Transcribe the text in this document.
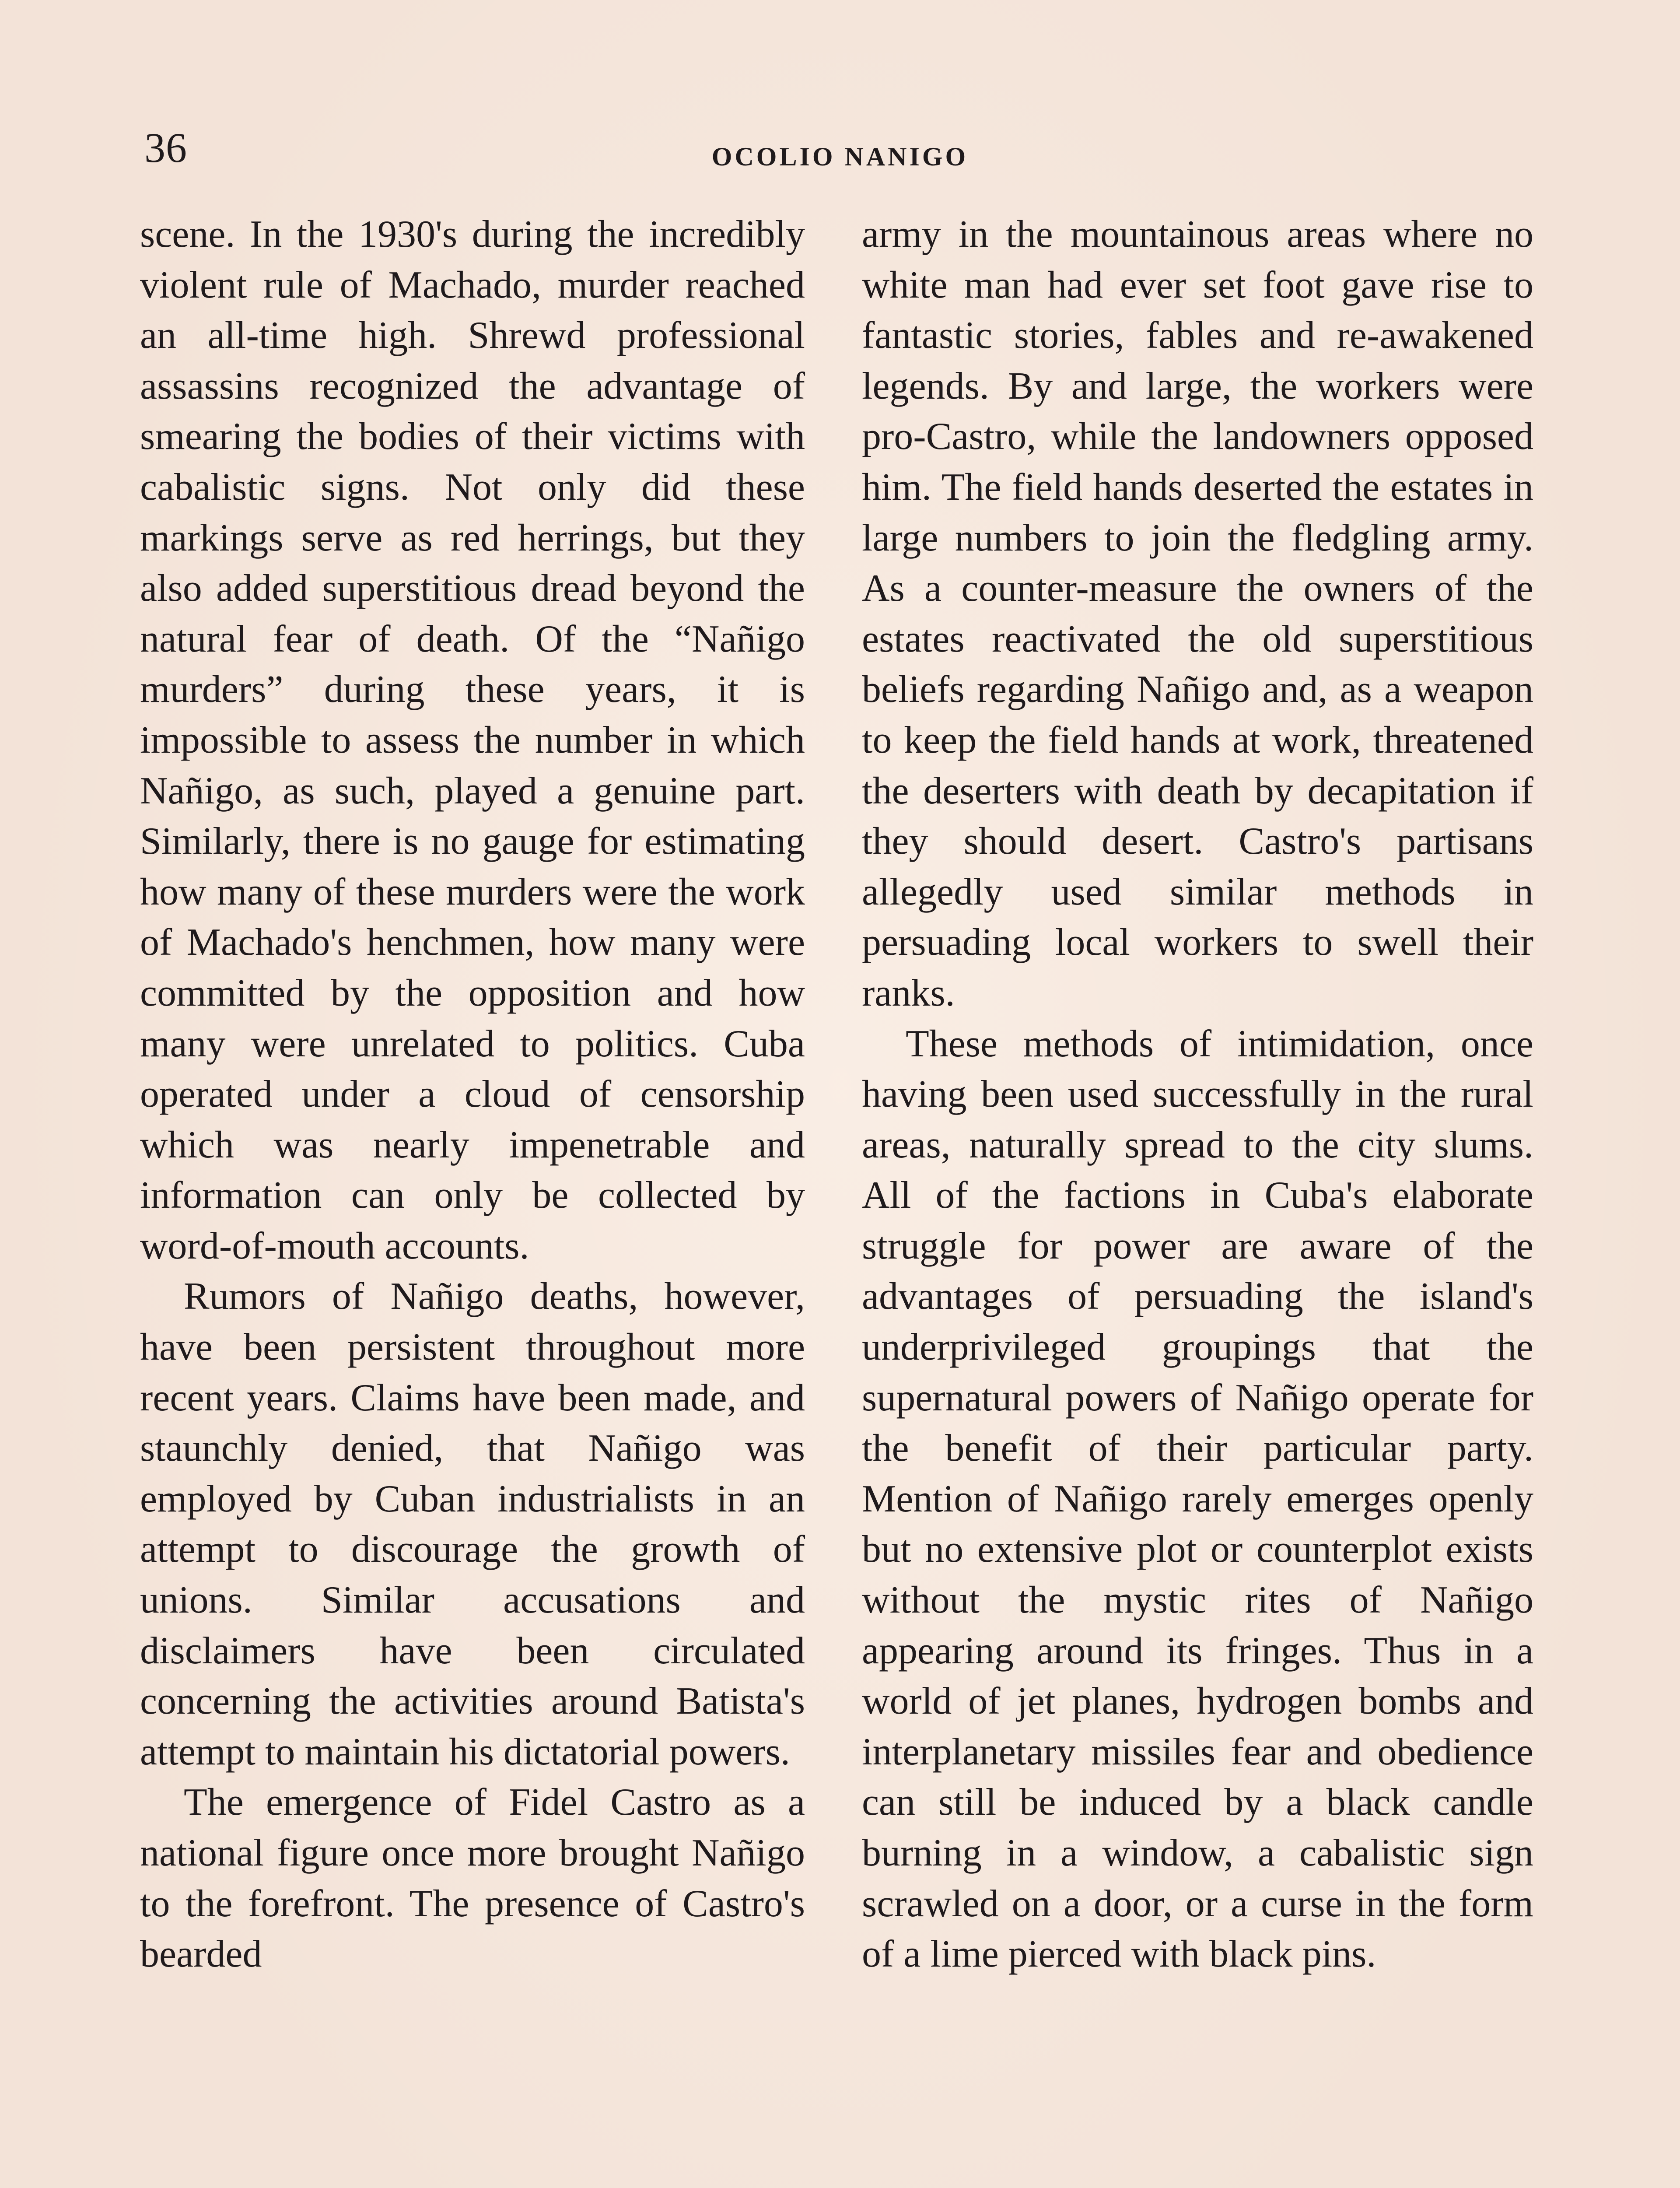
36	OCOLIO NANIGO

scene. In the 1930's during the incredibly violent rule of Machado, murder reached an all-time high. Shrewd professional assassins recognized the advantage of smearing the bodies of their victims with cabalistic signs. Not only did these markings serve as red herrings, but they also added superstitious dread beyond the natural fear of death. Of the “Nañigo murders” during these years, it is impossible to assess the number in which Nañigo, as such, played a genuine part. Similarly, there is no gauge for estimating how many of these murders were the work of Machado's henchmen, how many were committed by the opposition and how many were unrelated to politics. Cuba operated under a cloud of censorship which was nearly impenetrable and information can only be collected by word-of-mouth accounts.

Rumors of Nañigo deaths, however, have been persistent throughout more recent years. Claims have been made, and staunchly denied, that Nañigo was employed by Cuban industrialists in an attempt to discourage the growth of unions. Similar accusations and disclaimers have been circulated concerning the activities around Batista's attempt to maintain his dictatorial powers.

The emergence of Fidel Castro as a national figure once more brought Nañigo to the forefront. The presence of Castro's bearded

army in the mountainous areas where no white man had ever set foot gave rise to fantastic stories, fables and re-awakened legends. By and large, the workers were pro-Castro, while the landowners opposed him. The field hands deserted the estates in large numbers to join the fledgling army. As a counter-measure the owners of the estates reactivated the old superstitious beliefs regarding Nañigo and, as a weapon to keep the field hands at work, threatened the deserters with death by decapitation if they should desert. Castro's partisans allegedly used similar methods in persuading local workers to swell their ranks.

These methods of intimidation, once having been used successfully in the rural areas, naturally spread to the city slums. All of the factions in Cuba's elaborate struggle for power are aware of the advantages of persuading the island's underprivileged groupings that the supernatural powers of Nañigo operate for the benefit of their particular party. Mention of Nañigo rarely emerges openly but no extensive plot or counterplot exists without the mystic rites of Nañigo appearing around its fringes. Thus in a world of jet planes, hydrogen bombs and interplanetary missiles fear and obedience can still be induced by a black candle burning in a window, a cabalistic sign scrawled on a door, or a curse in the form of a lime pierced with black pins.
